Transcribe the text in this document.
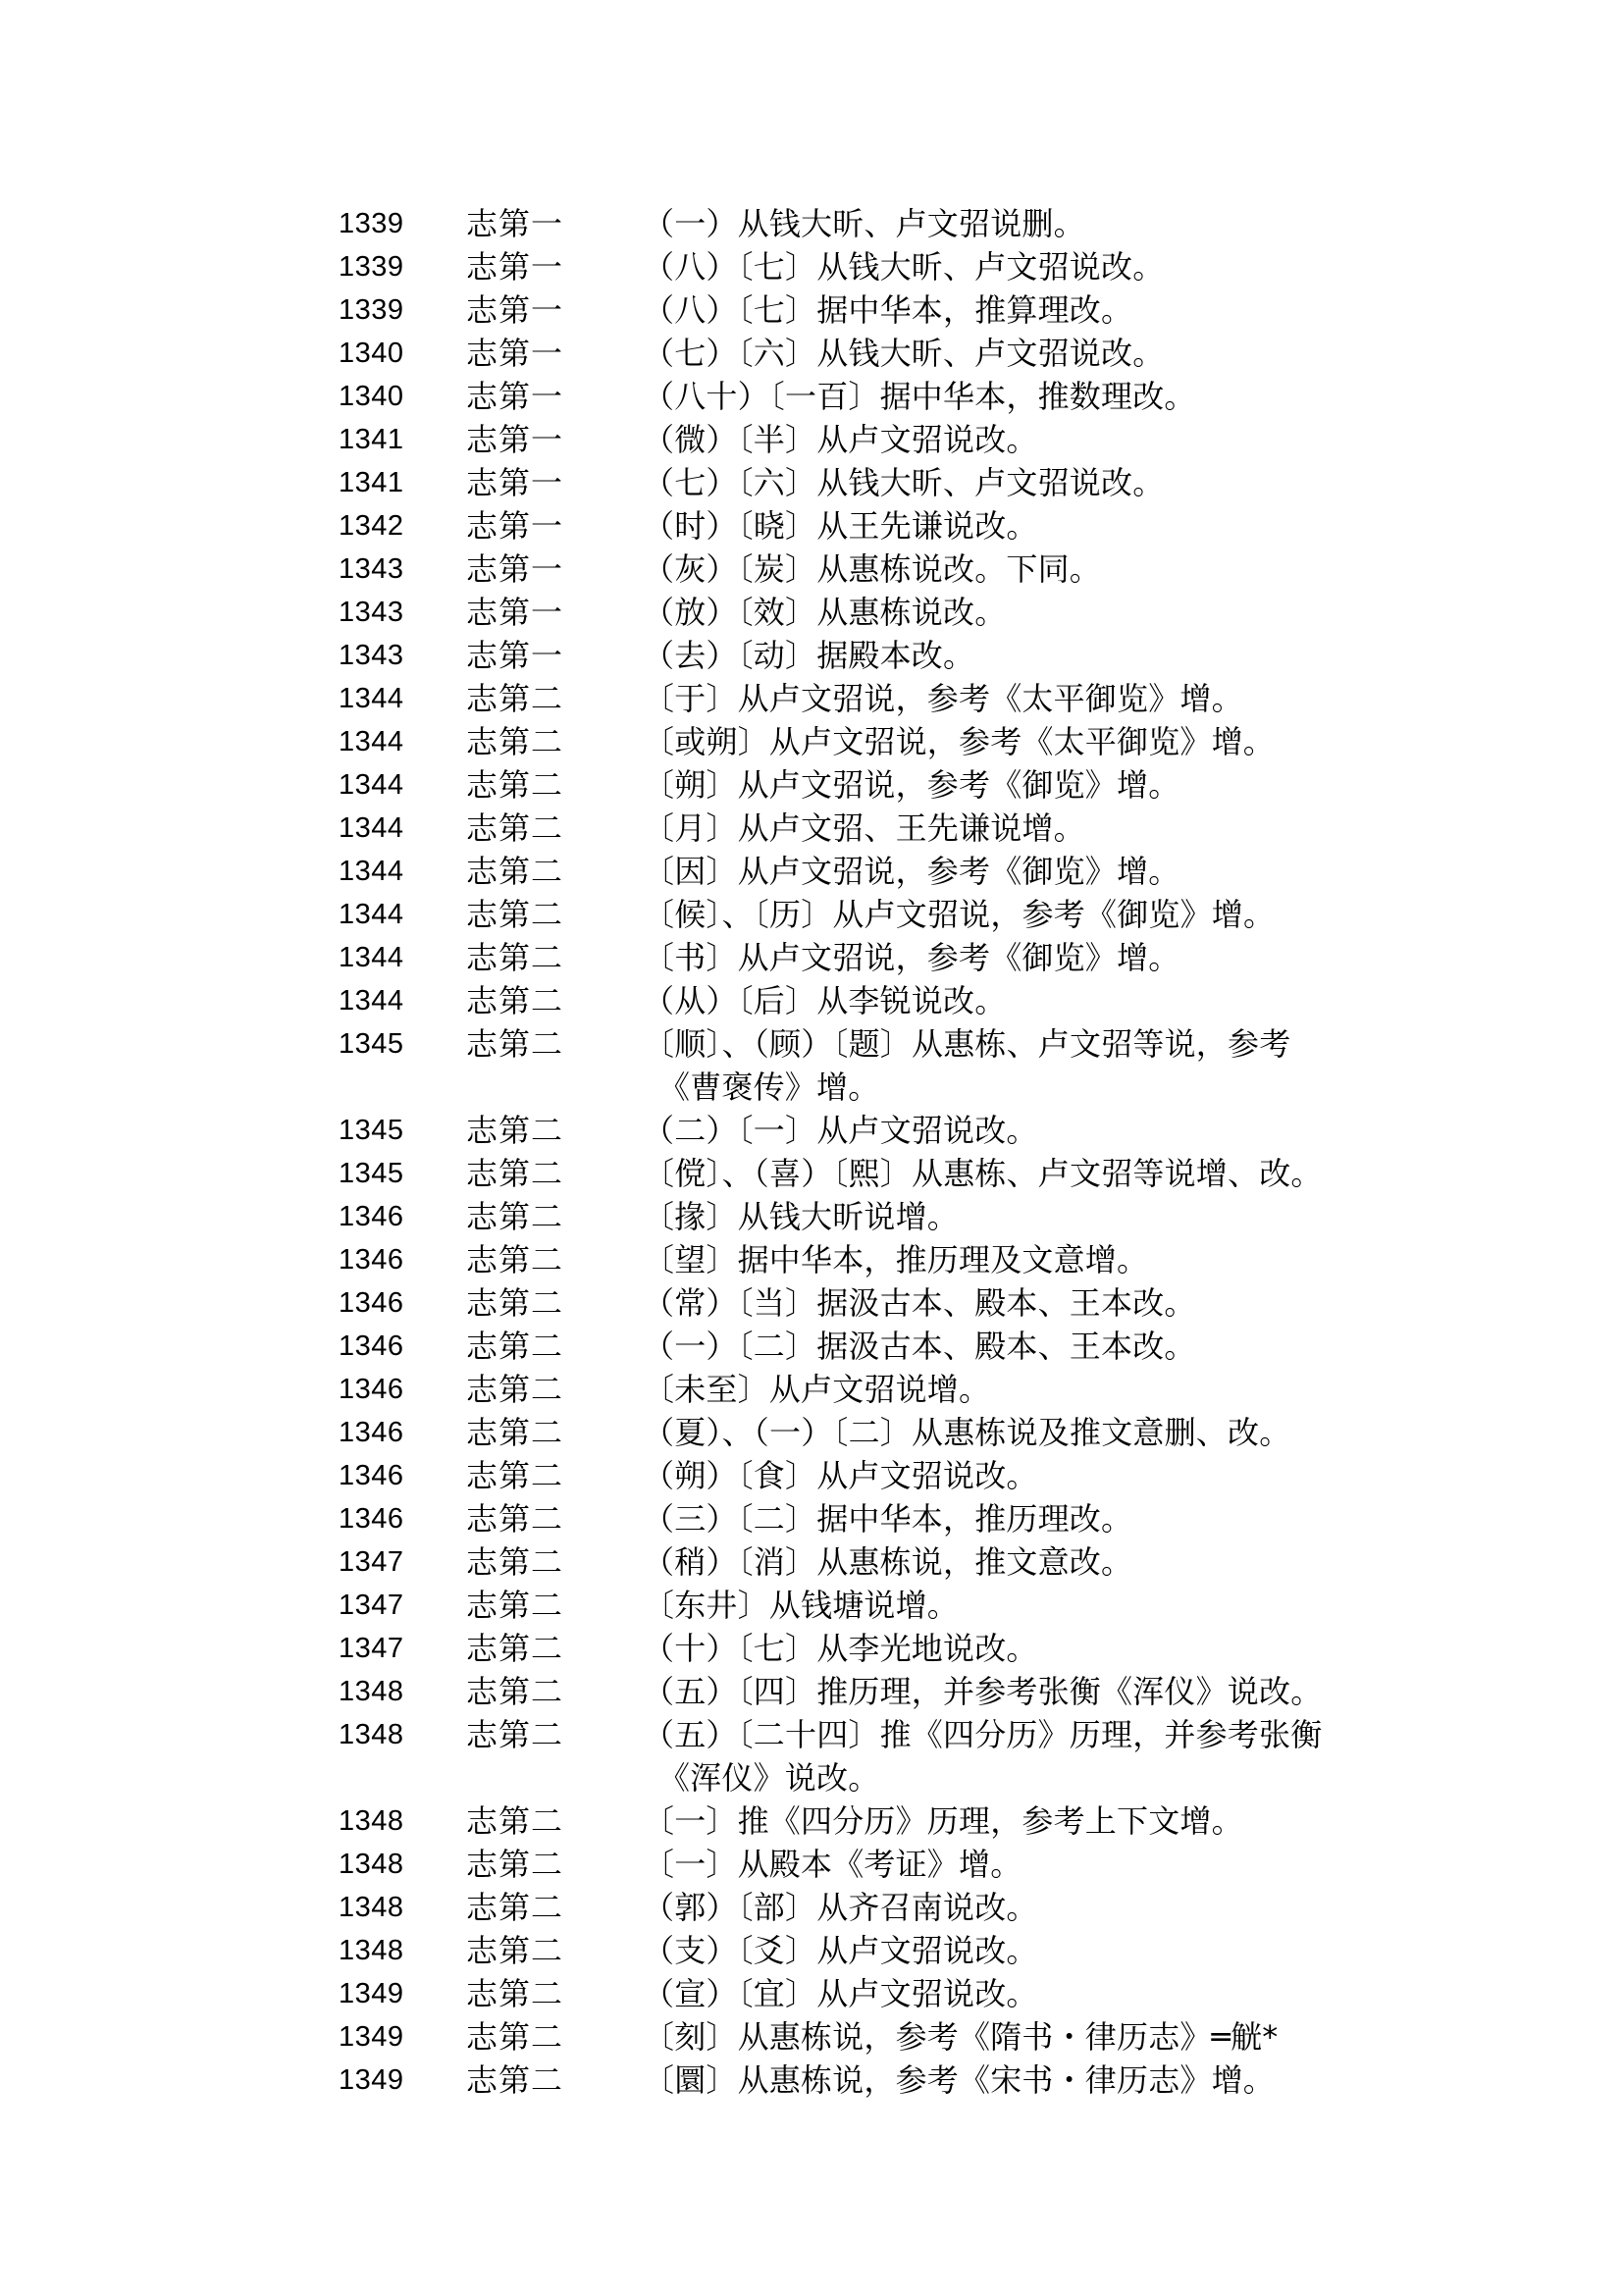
1339 志第一	（一）从钱大昕、卢文弨说删。
1339 志第一	（八）〔七〕从钱大昕、卢文弨说改。
1339 志第一	（八）〔七〕据中华本，推算理改。
1340 志第一	（七）〔六〕从钱大昕、卢文弨说改。
1340 志第一	（八十）〔一百〕据中华本，推数理改。
1341 志第一	（微）〔半〕从卢文弨说改。
1341 志第一	（七）〔六〕从钱大昕、卢文弨说改。
1342 志第一	（时）〔晓〕从王先谦说改。
1343 志第一	（灰）〔炭〕从惠栋说改。下同。
1343 志第一	（放）〔效〕从惠栋说改。
1343 志第一	（去）〔动〕据殿本改。
1344 志第二	〔于〕从卢文弨说，参考《太平御览》增。
1344 志第二	〔或朔〕从卢文弨说，参考《太平御览》增。
1344 志第二	〔朔〕从卢文弨说，参考《御览》增。
1344 志第二	〔月〕从卢文弨、王先谦说增。
1344 志第二	〔因〕从卢文弨说，参考《御览》增。
1344 志第二	〔候〕、〔历〕从卢文弨说，参考《御览》增。
1344 志第二	〔书〕从卢文弨说，参考《御览》增。
1344 志第二	（从）〔后〕从李锐说改。
1345 志第二	〔顺〕、（顾）〔题〕从惠栋、卢文弨等说，参考
《曹褒传》增。
1345 志第二	（二）〔一〕从卢文弨说改。
1345 志第二	〔傥〕、（喜）〔熙〕从惠栋、卢文弨等说增、改。
1346 志第二	〔掾〕从钱大昕说增。
1346 志第二	〔望〕据中华本，推历理及文意增。
1346 志第二	（常）〔当〕据汲古本、殿本、王本改。
1346 志第二	（一）〔二〕据汲古本、殿本、王本改。
1346 志第二	〔未至〕从卢文弨说增。
1346 志第二	（夏）、（一）〔二〕从惠栋说及推文意删、改。
1346 志第二	（朔）〔食〕从卢文弨说改。
1346 志第二	（三）〔二〕据中华本，推历理改。
1347 志第二	（稍）〔消〕从惠栋说，推文意改。
1347 志第二	〔东井〕从钱塘说增。
1347 志第二	（十）〔七〕从李光地说改。
1348 志第二	（五）〔四〕推历理，并参考张衡《浑仪》说改。
1348 志第二	（五）〔二十四〕推《四分历》历理，并参考张衡
《浑仪》说改。
1348 志第二	〔一〕推《四分历》历理，参考上下文增。
1348 志第二	〔一〕从殿本《考证》增。
1348 志第二	（郭）〔部〕从齐召南说改。
1348 志第二	（支）〔爻〕从卢文弨说改。
1349 志第二	（宣）〔宜〕从卢文弨说改。
1349 志第二	〔刻〕从惠栋说，参考《隋书・律历志》═觥*
1349 志第二	〔圜〕从惠栋说，参考《宋书・律历志》增。
